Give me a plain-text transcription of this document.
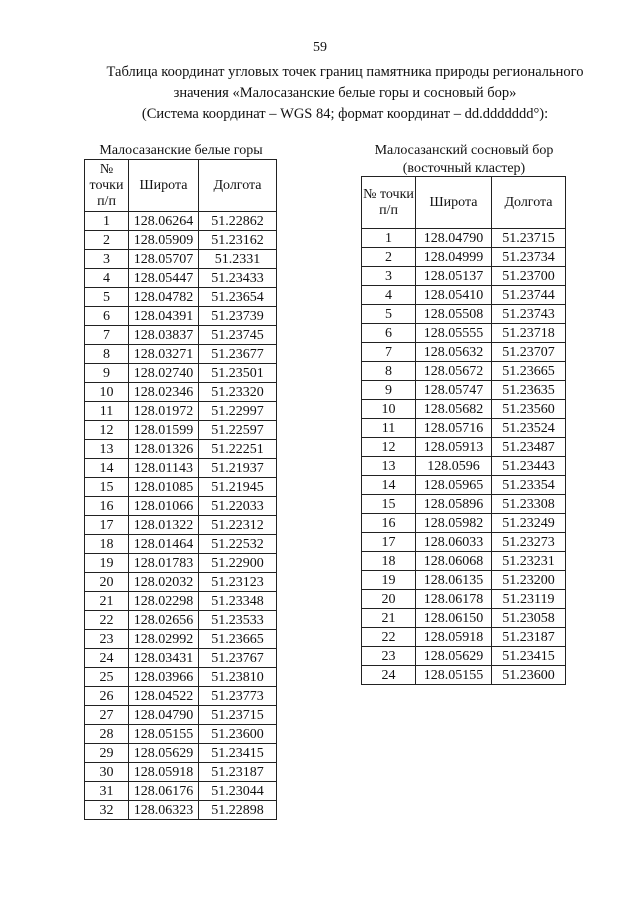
59
Таблица координат угловых точек границ памятника природы регионального
значения «Малосазанские белые горы и сосновый бор»
(Система координат – WGS 84; формат координат – dd.ddddddd°):
Малосазанские белые горы
№ точки п/п	Широта	Долгота
1	128.06264	51.22862
2	128.05909	51.23162
3	128.05707	51.2331
4	128.05447	51.23433
5	128.04782	51.23654
6	128.04391	51.23739
7	128.03837	51.23745
8	128.03271	51.23677
9	128.02740	51.23501
10	128.02346	51.23320
11	128.01972	51.22997
12	128.01599	51.22597
13	128.01326	51.22251
14	128.01143	51.21937
15	128.01085	51.21945
16	128.01066	51.22033
17	128.01322	51.22312
18	128.01464	51.22532
19	128.01783	51.22900
20	128.02032	51.23123
21	128.02298	51.23348
22	128.02656	51.23533
23	128.02992	51.23665
24	128.03431	51.23767
25	128.03966	51.23810
26	128.04522	51.23773
27	128.04790	51.23715
28	128.05155	51.23600
29	128.05629	51.23415
30	128.05918	51.23187
31	128.06176	51.23044
32	128.06323	51.22898
Малосазанский сосновый бор (восточный кластер)
№ точки п/п	Широта	Долгота
1	128.04790	51.23715
2	128.04999	51.23734
3	128.05137	51.23700
4	128.05410	51.23744
5	128.05508	51.23743
6	128.05555	51.23718
7	128.05632	51.23707
8	128.05672	51.23665
9	128.05747	51.23635
10	128.05682	51.23560
11	128.05716	51.23524
12	128.05913	51.23487
13	128.0596	51.23443
14	128.05965	51.23354
15	128.05896	51.23308
16	128.05982	51.23249
17	128.06033	51.23273
18	128.06068	51.23231
19	128.06135	51.23200
20	128.06178	51.23119
21	128.06150	51.23058
22	128.05918	51.23187
23	128.05629	51.23415
24	128.05155	51.23600
